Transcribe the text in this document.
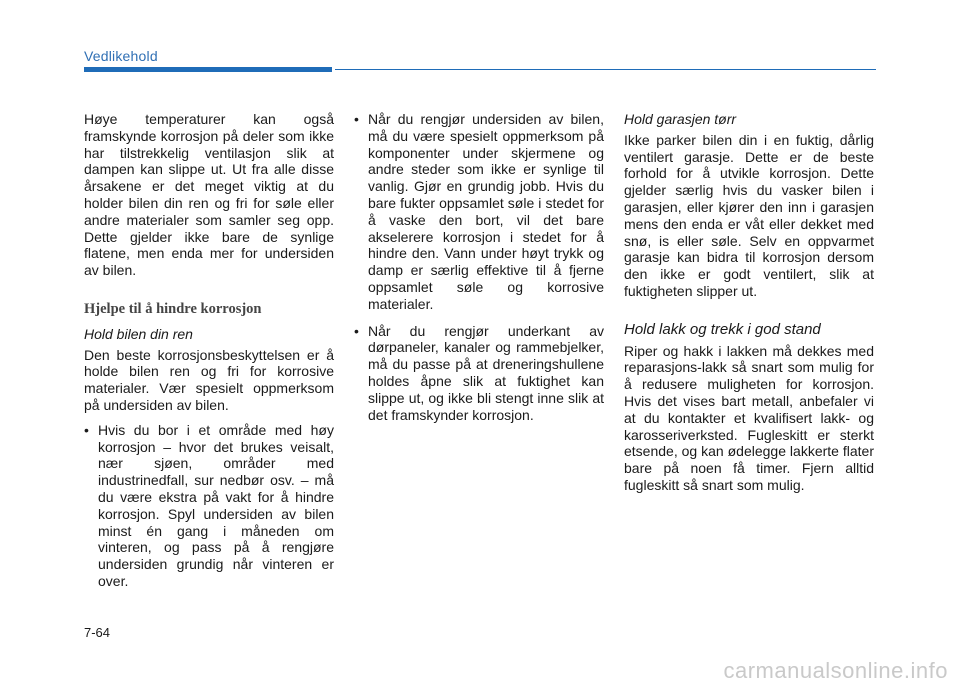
Vedlikehold

Høye temperaturer kan også framskynde korrosjon på deler som ikke har tilstrekkelig ventilasjon slik at dampen kan slippe ut. Ut fra alle disse årsakene er det meget viktig at du holder bilen din ren og fri for søle eller andre materialer som samler seg opp. Dette gjelder ikke bare de synlige flatene, men enda mer for undersiden av bilen.

Hjelpe til å hindre korrosjon
Hold bilen din ren

Den beste korrosjonsbeskyttelsen er å holde bilen ren og fri for korrosive materialer. Vær spesielt oppmerksom på undersiden av bilen.

• Hvis du bor i et område med høy korrosjon – hvor det brukes veisalt, nær sjøen, områder med industrinedfall, sur nedbør osv. – må du være ekstra på vakt for å hindre korrosjon. Spyl undersiden av bilen minst én gang i måneden om vinteren, og pass på å rengjøre undersiden grundig når vinteren er over.
• Når du rengjør undersiden av bilen, må du være spesielt oppmerksom på komponenter under skjermene og andre steder som ikke er synlige til vanlig. Gjør en grundig jobb. Hvis du bare fukter oppsamlet søle i stedet for å vaske den bort, vil det bare akselerere korrosjon i stedet for å hindre den. Vann under høyt trykk og damp er særlig effektive til å fjerne oppsamlet søle og korrosive materialer.
• Når du rengjør underkant av dørpaneler, kanaler og rammebjelker, må du passe på at dreneringshullene holdes åpne slik at fuktighet kan slippe ut, og ikke bli stengt inne slik at det framskynder korrosjon.
Hold garasjen tørr

Ikke parker bilen din i en fuktig, dårlig ventilert garasje. Dette er de beste forhold for å utvikle korrosjon. Dette gjelder særlig hvis du vasker bilen i garasjen, eller kjører den inn i garasjen mens den enda er våt eller dekket med snø, is eller søle. Selv en oppvarmet garasje kan bidra til korrosjon dersom den ikke er godt ventilert, slik at fuktigheten slipper ut.

Hold lakk og trekk i god stand

Riper og hakk i lakken må dekkes med reparasjons-lakk så snart som mulig for å redusere muligheten for korrosjon. Hvis det vises bart metall, anbefaler vi at du kontakter et kvalifisert lakk- og karosseriverksted. Fugleskitt er sterkt etsende, og kan ødelegge lakkerte flater bare på noen få timer. Fjern alltid fugleskitt så snart som mulig.

7-64
carmanualsonline.info
